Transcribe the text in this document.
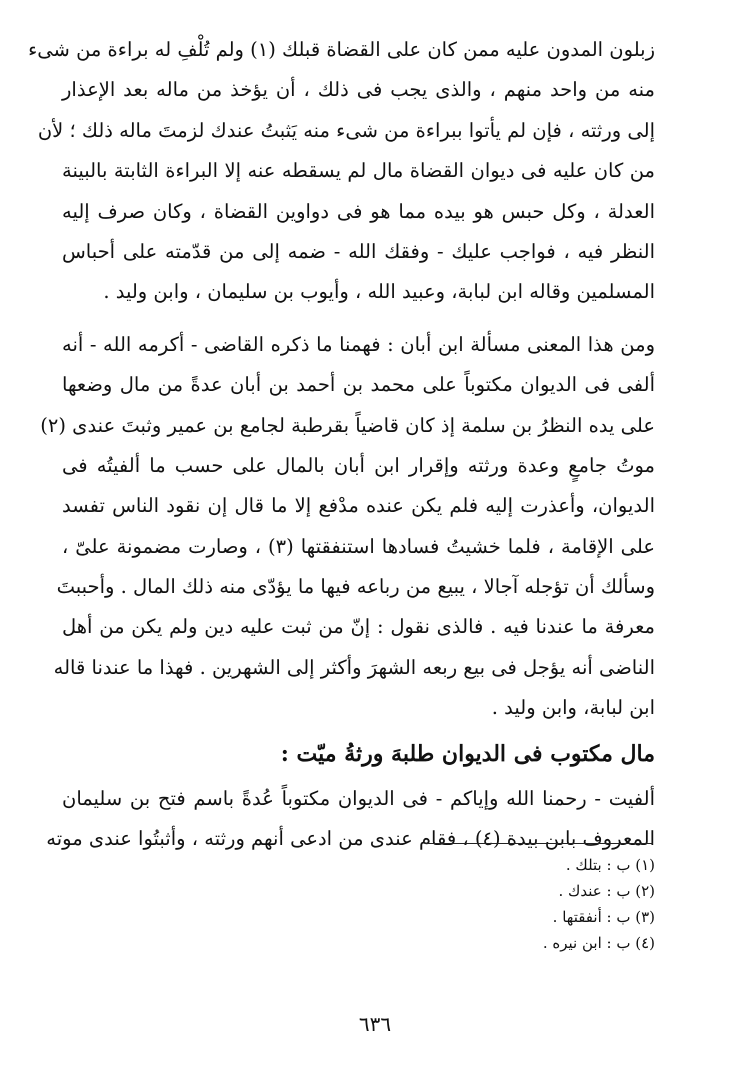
زبلون المدون عليه ممن كان على القضاة قبلك (١) ولم تُلْفِ له براءة من شىء
منه من واحد منهم ، والذى يجب فى ذلك ، أن يؤخذ من ماله بعد الإعذار
إلى ورثته ، فإن لم يأتوا ببراءة من شىء منه يَثبتُ عندك لزمتَ ماله ذلك ؛ لأن
من كان عليه فى ديوان القضاة مال لم يسقطه عنه إلا البراءة الثابتة بالبينة
العدلة ، وكل حبس هو بيده مما هو فى دواوين القضاة ، وكان صرف إليه
النظر فيه ، فواجب عليك - وفقك الله - ضمه إلى من قدّمته على أحباس
المسلمين وقاله ابن لبابة، وعبيد الله ، وأيوب بن سليمان ، وابن وليد .
ومن هذا المعنى مسألة ابن أبان : فهمنا ما ذكره القاضى - أكرمه الله - أنه
ألفى فى الديوان مكتوباً على محمد بن أحمد بن أبان عدةً من مال وضعها
على يده النظرُ بن سلمة إذ كان قاضياً بقرطبة لجامع بن عمير وثبتَ عندى (٢)
موتُ جامعٍ وعدة ورثته وإقرار ابن أبان بالمال على حسب ما ألفيتُه فى
الديوان، وأعذرت إليه فلم يكن عنده مدْفع إلا ما قال إن نقود الناس تفسد
على الإقامة ، فلما خشيتُ فسادها استنفقتها (٣) ، وصارت مضمونة علىّ ،
وسألك أن تؤجله آجالا ، يبيع من رباعه فيها ما يؤدّى منه ذلك المال . وأحببتَ
معرفة ما عندنا فيه . فالذى نقول : إنّ من ثبت عليه دين ولم يكن من أهل
الناضى أنه يؤجل فى بيع ربعه الشهرَ وأكثر إلى الشهرين . فهذا ما عندنا قاله
ابن لبابة، وابن وليد .
مال مكتوب فى الديوان طلبهَ ورثةُ ميّت :
ألفيت - رحمنا الله وإياكم - فى الديوان مكتوباً عُدةً باسم فتح بن سليمان
المعروف بابن بيدة (٤) ، فقام عندى من ادعى أنهم ورثته ، وأثبتُوا عندى موته
(١) ب : بتلك .
(٢) ب : عندك .
(٣) ب : أنفقتها .
(٤) ب : ابن نيره .
٦٣٦
